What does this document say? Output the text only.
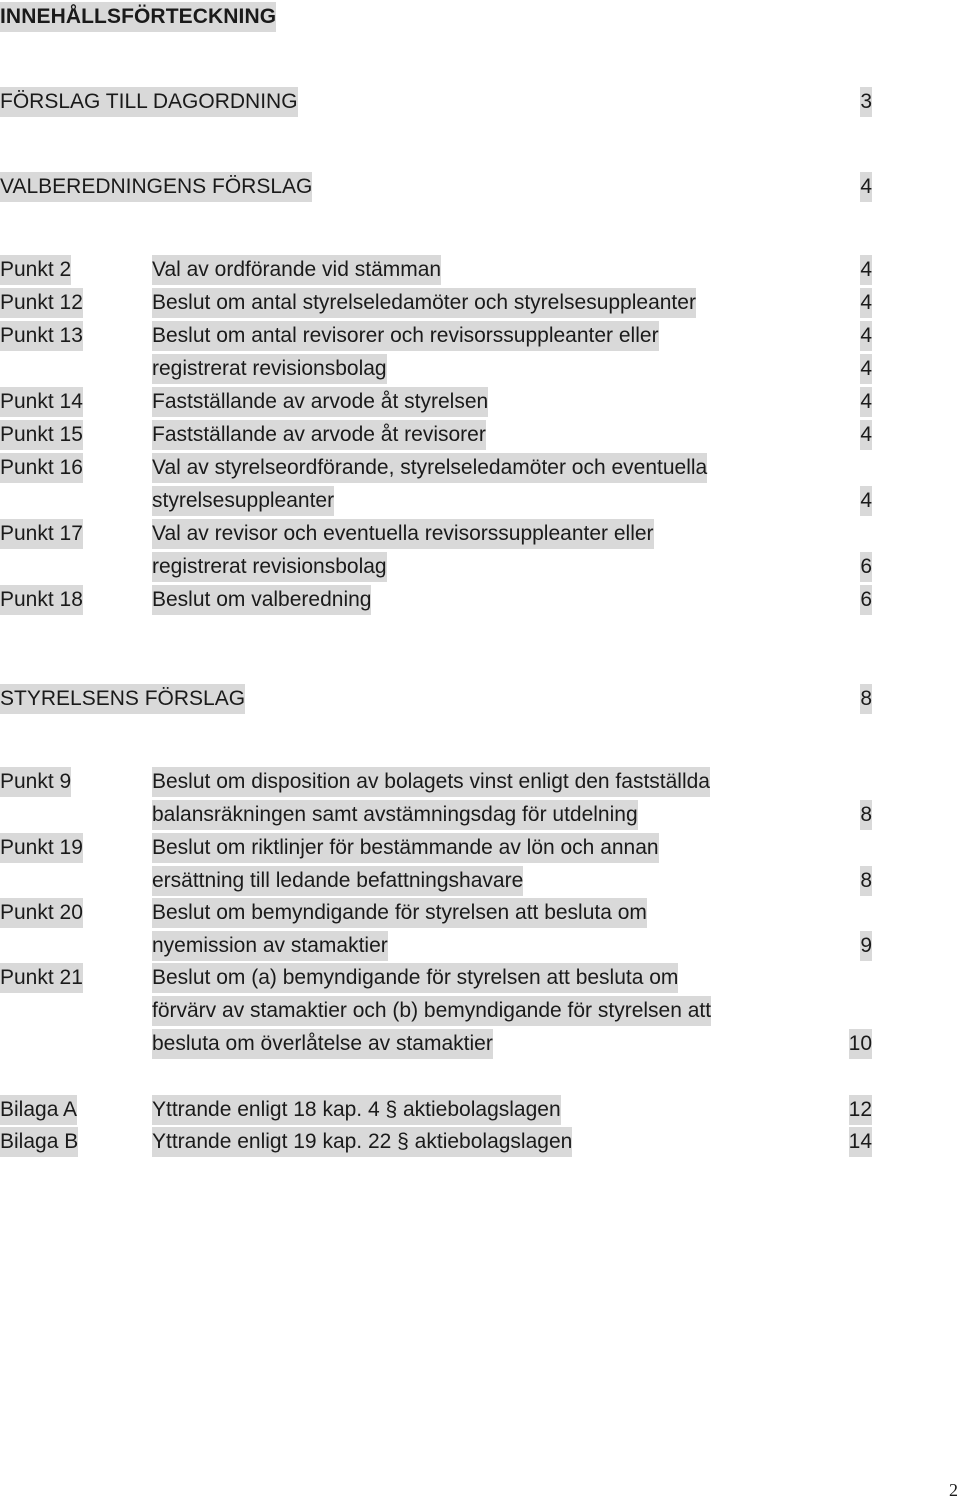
INNEHÅLLSFÖRTECKNING
FÖRSLAG TILL DAGORDNING	3
VALBEREDNINGENS FÖRSLAG	4
Punkt 2	Val av ordförande vid stämman	4
Punkt 12	Beslut om antal styrelseledamöter och styrelsesuppleanter	4
Punkt 13	Beslut om antal revisorer och revisorssuppleanter eller	4
registrerat revisionsbolag	4
Punkt 14	Fastställande av arvode åt styrelsen	4
Punkt 15	Fastställande av arvode åt revisorer	4
Punkt 16	Val av styrelseordförande, styrelseledamöter och eventuella
styrelsesuppleanter	4
Punkt 17	Val av revisor och eventuella revisorssuppleanter eller
registrerat revisionsbolag	6
Punkt 18	Beslut om valberedning	6
STYRELSENS FÖRSLAG	8
Punkt 9	Beslut om disposition av bolagets vinst enligt den fastställda
balansräkningen samt avstämningsdag för utdelning	8
Punkt 19	Beslut om riktlinjer för bestämmande av lön och annan
ersättning till ledande befattningshavare	8
Punkt 20	Beslut om bemyndigande för styrelsen att besluta om
nyemission av stamaktier	9
Punkt 21	Beslut om (a) bemyndigande för styrelsen att besluta om
förvärv av stamaktier och (b) bemyndigande för styrelsen att
besluta om överlåtelse av stamaktier	10
Bilaga A	Yttrande enligt 18 kap. 4 § aktiebolagslagen	12
Bilaga B	Yttrande enligt 19 kap. 22 § aktiebolagslagen	14
2
